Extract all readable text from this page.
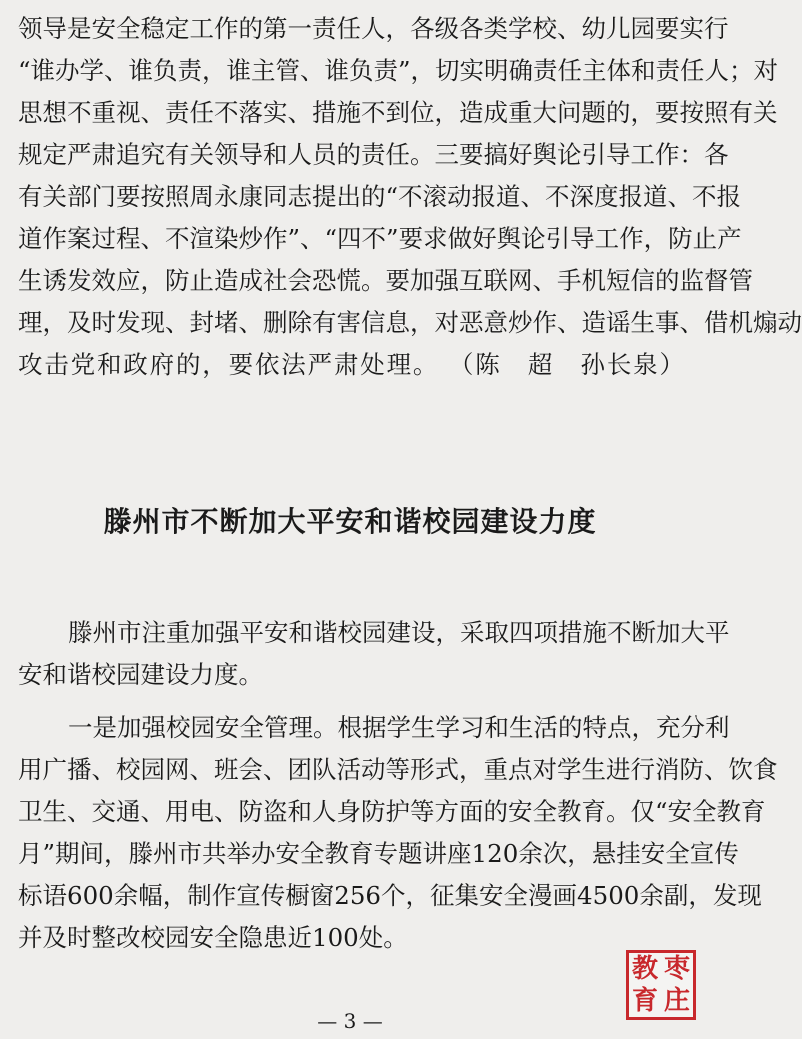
领导是安全稳定工作的第一责任人，各级各类学校、幼儿园要实行
“谁办学、谁负责，谁主管、谁负责”，切实明确责任主体和责任人；对
思想不重视、责任不落实、措施不到位，造成重大问题的，要按照有关
规定严肃追究有关领导和人员的责任。三要搞好舆论引导工作：各
有关部门要按照周永康同志提出的“不滚动报道、不深度报道、不报
道作案过程、不渲染炒作”、“四不”要求做好舆论引导工作，防止产
生诱发效应，防止造成社会恐慌。要加强互联网、手机短信的监督管
理，及时发现、封堵、删除有害信息，对恶意炒作、造谣生事、借机煽动
攻击党和政府的，要依法严肃处理。 （陈　超　孙长泉）
滕州市不断加大平安和谐校园建设力度
滕州市注重加强平安和谐校园建设，采取四项措施不断加大平
安和谐校园建设力度。
一是加强校园安全管理。根据学生学习和生活的特点，充分利
用广播、校园网、班会、团队活动等形式，重点对学生进行消防、饮食
卫生、交通、用电、防盗和人身防护等方面的安全教育。仅“安全教育
月”期间，滕州市共举办安全教育专题讲座120余次，悬挂安全宣传
标语600余幅，制作宣传橱窗256个，征集安全漫画4500余副，发现
并及时整改校园安全隐患近100处。
— 3 —
教 枣
育 庄
